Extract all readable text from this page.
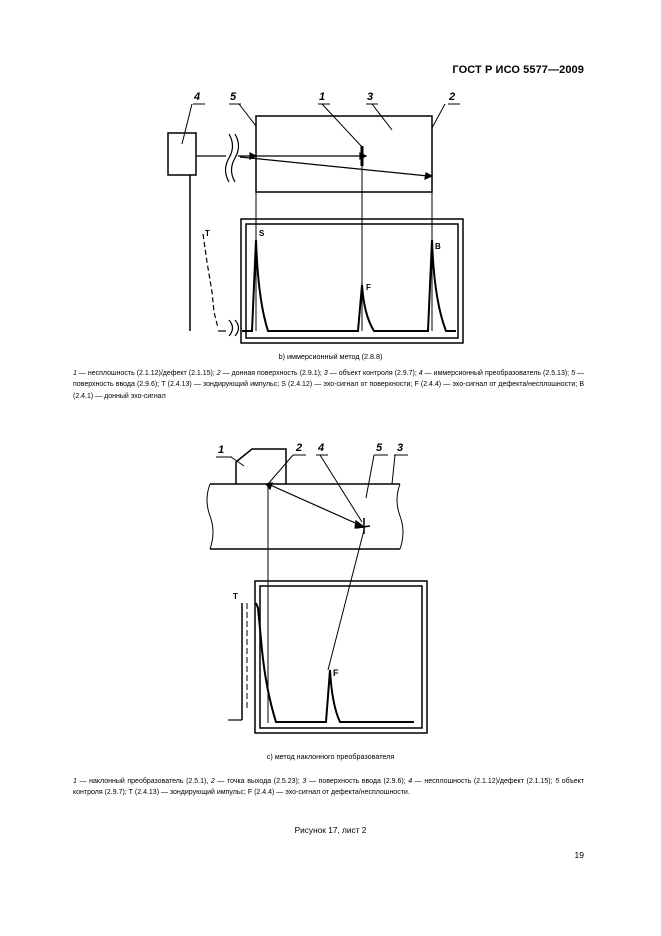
ГОСТ Р ИСО 5577—2009

4	5	1	3	2
T	S
F
B

b) иммерсионный метод (2.8.8)

1 — несплошность (2.1.12)/дефект (2.1.15); 2 — донная поверхность (2.9.1); 3 — объект контроля (2.9.7); 4 — иммерсионный преобразователь (2.5.13); 5 — поверхность ввода (2.9.6); Т (2.4.13) — зондирующий импульс; S (2.4.12) — эхо-сигнал от поверхности; F (2.4.4) — эхо-сигнал от дефекта/несплошности; В (2.4.1) — донный эхо-сигнал

1	2 4	5 3
T
F

c) метод наклонного преобразователя

1 — наклонный преобразователь (2.5.1), 2 — точка выхода (2.5.23); 3 — поверхность ввода (2.9.6); 4 — несплошность (2.1.12)/дефект (2.1.15); 5 объект контроля (2.9.7); Т (2.4.13) — зондирующий импульс; F (2.4.4) — эхо-сигнал от дефекта/несплошности.

Рисунок 17, лист 2

19
